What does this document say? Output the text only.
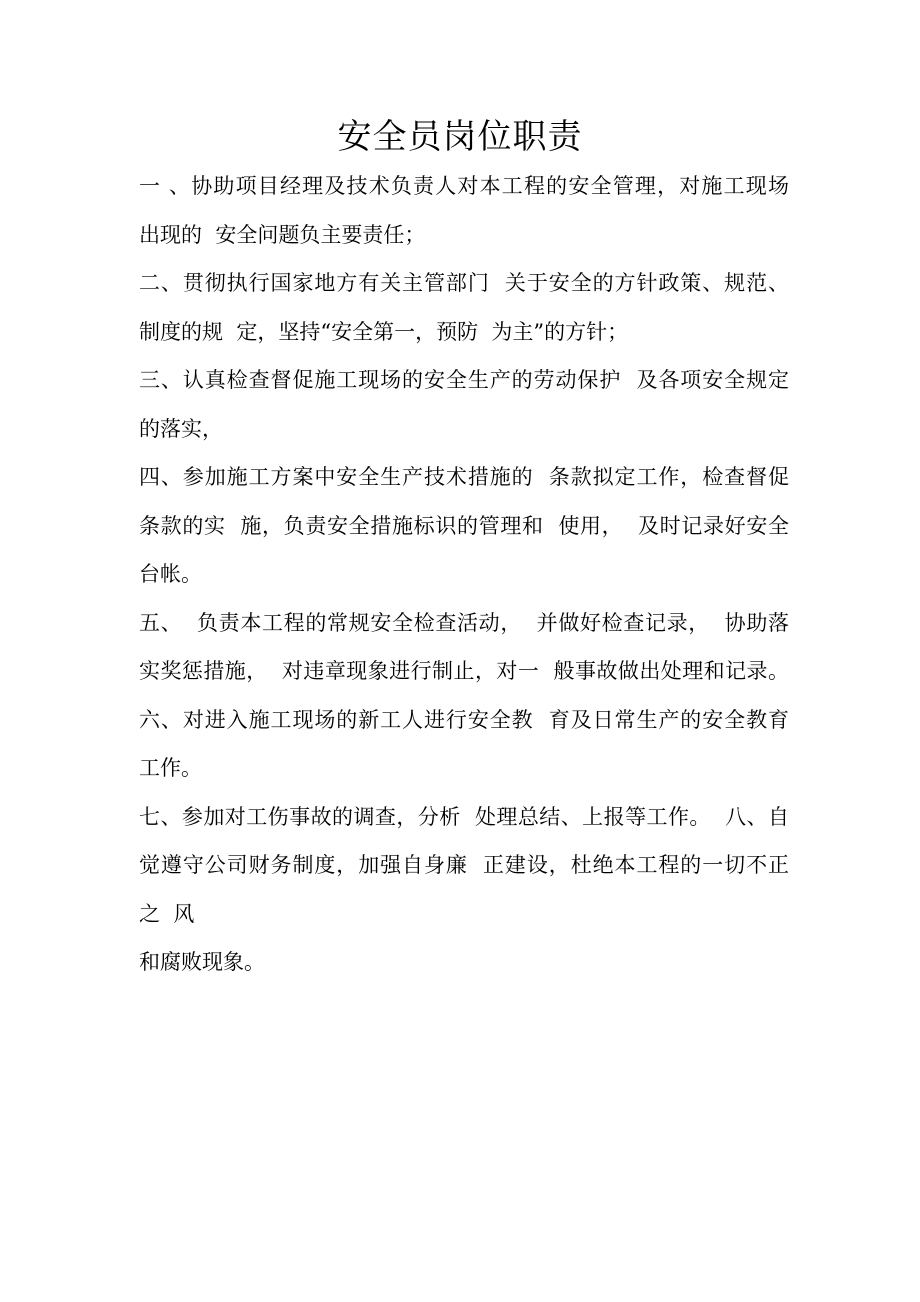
安全员岗位职责
一 、协助项目经理及技术负责人对本工程的安全管理，对施工现场
出现的  安全问题负主要责任；
二、贯彻执行国家地方有关主管部门  关于安全的方针政策、规范、
制度的规  定，坚持“安全第一，预防  为主”的方针；
三、认真检查督促施工现场的安全生产的劳动保护  及各项安全规定
的落实，
四、参加施工方案中安全生产技术措施的  条款拟定工作，检查督促
条款的实  施，负责安全措施标识的管理和  使用，  及时记录好安全
台帐。
五、  负责本工程的常规安全检查活动，  并做好检查记录，  协助落
实奖惩措施，  对违章现象进行制止，对一  般事故做出处理和记录。
六、对进入施工现场的新工人进行安全教  育及日常生产的安全教育
工作。
七、参加对工伤事故的调查，分析  处理总结、上报等工作。  八、自
觉遵守公司财务制度，加强自身廉  正建设，杜绝本工程的一切不正
之  风
和腐败现象。
